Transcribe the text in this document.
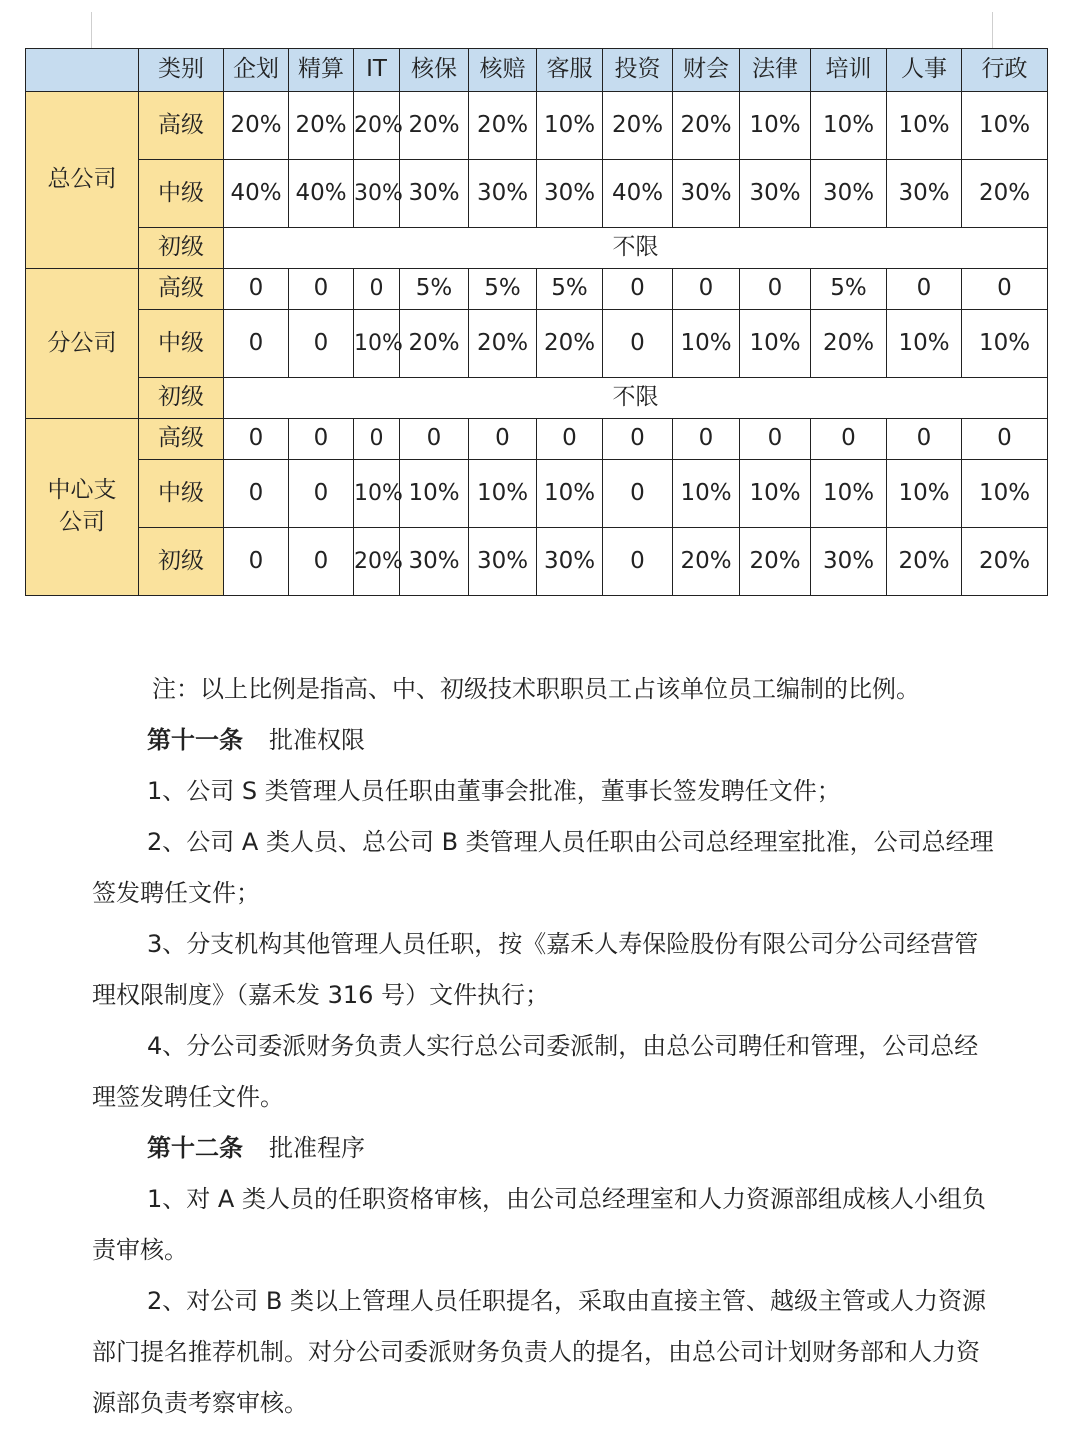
	类别	企划	精算	IT	核保	核赔	客服	投资	财会	法律	培训	人事	行政
总公司	高级	20%	20%	20%	20%	20%	10%	20%	20%	10%	10%	10%	10%
	中级	40%	40%	30%	30%	30%	30%	40%	30%	30%	30%	30%	20%
	初级	不限											
分公司	高级	0	0	0	5%	5%	5%	0	0	0	5%	0	0
	中级	0	0	10%	20%	20%	20%	0	10%	10%	20%	10%	10%
	初级	不限											
中心支公司	高级	0	0	0	0	0	0	0	0	0	0	0	0
	中级	0	0	10%	10%	10%	10%	0	10%	10%	10%	10%	10%
	初级	0	0	20%	30%	30%	30%	0	20%	20%	30%	20%	20%

注：以上比例是指高、中、初级技术职职员工占该单位员工编制的比例。

第十一条 批准权限

1、公司 S 类管理人员任职由董事会批准，董事长签发聘任文件；

2、公司 A 类人员、总公司 B 类管理人员任职由公司总经理室批准，公司总经理签发聘任文件；

3、分支机构其他管理人员任职，按《嘉禾人寿保险股份有限公司分公司经营管理权限制度》（嘉禾发 316 号）文件执行；

4、分公司委派财务负责人实行总公司委派制，由总公司聘任和管理，公司总经理签发聘任文件。

第十二条 批准程序

1、对 A 类人员的任职资格审核，由公司总经理室和人力资源部组成核人小组负责审核。

2、对公司 B 类以上管理人员任职提名，采取由直接主管、越级主管或人力资源部门提名推荐机制。对分公司委派财务负责人的提名，由总公司计划财务部和人力资源部负责考察审核。
